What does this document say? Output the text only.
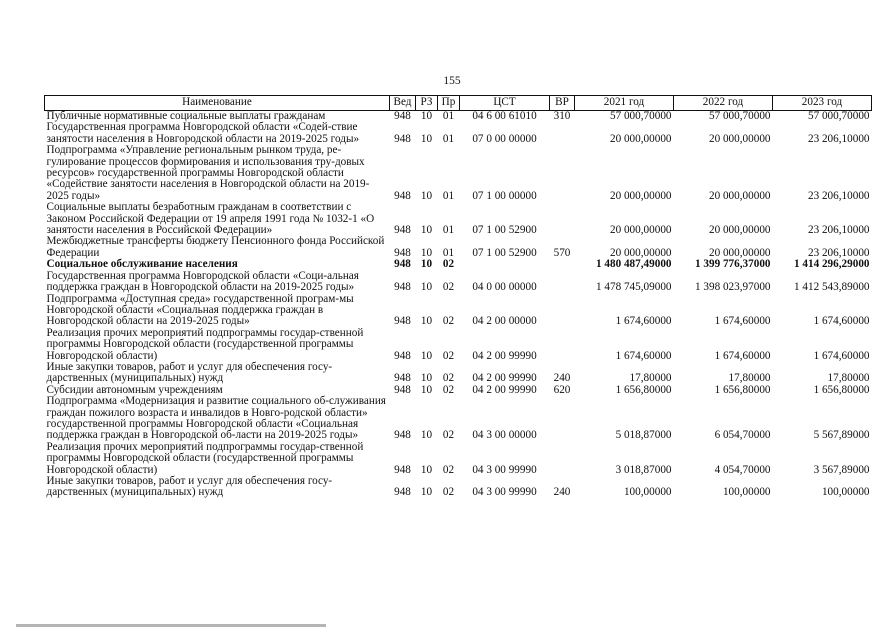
155
Наименование	Вед	РЗ	Пр	ЦСТ	ВР	2021 год	2022 год	2023 год
Публичные нормативные социальные выплаты гражданам	948	10	01	04 6 00 61010	310	57 000,70000	57 000,70000	57 000,70000
Государственная программа Новгородской области «Содей-ствие занятости населения в Новгородской области на 2019-2025 годы»	948	10	01	07 0 00 00000		20 000,00000	20 000,00000	23 206,10000
Подпрограмма «Управление региональным рынком труда, ре-гулирование процессов формирования и использования тру-довых ресурсов» государственной программы Новгородской области «Содействие занятости населения в Новгородской области на 2019-2025 годы»	948	10	01	07 1 00 00000		20 000,00000	20 000,00000	23 206,10000
Социальные выплаты безработным гражданам в соответствии с Законом Российской Федерации от 19 апреля 1991 года № 1032-1 «О занятости населения в Российской Федерации»	948	10	01	07 1 00 52900		20 000,00000	20 000,00000	23 206,10000
Межбюджетные трансферты бюджету Пенсионного фонда Российской Федерации	948	10	01	07 1 00 52900	570	20 000,00000	20 000,00000	23 206,10000
Социальное обслуживание населения	948	10	02			1 480 487,49000	1 399 776,37000	1 414 296,29000
Государственная программа Новгородской области «Соци-альная поддержка граждан в Новгородской области на 2019-2025 годы»	948	10	02	04 0 00 00000		1 478 745,09000	1 398 023,97000	1 412 543,89000
Подпрограмма «Доступная среда» государственной програм-мы Новгородской области «Социальная поддержка граждан в Новгородской области на 2019-2025 годы»	948	10	02	04 2 00 00000		1 674,60000	1 674,60000	1 674,60000
Реализация прочих мероприятий подпрограммы государ-ственной программы Новгородской области (государственной программы Новгородской области)	948	10	02	04 2 00 99990		1 674,60000	1 674,60000	1 674,60000
Иные закупки товаров, работ и услуг для обеспечения госу-дарственных (муниципальных) нужд	948	10	02	04 2 00 99990	240	17,80000	17,80000	17,80000
Субсидии автономным учреждениям	948	10	02	04 2 00 99990	620	1 656,80000	1 656,80000	1 656,80000
Подпрограмма «Модернизация и развитие социального об-служивания граждан пожилого возраста и инвалидов в Новго-родской области» государственной программы Новгородской области «Социальная поддержка граждан в Новгородской об-ласти на 2019-2025 годы»	948	10	02	04 3 00 00000		5 018,87000	6 054,70000	5 567,89000
Реализация прочих мероприятий подпрограммы государ-ственной программы Новгородской области (государственной программы Новгородской области)	948	10	02	04 3 00 99990		3 018,87000	4 054,70000	3 567,89000
Иные закупки товаров, работ и услуг для обеспечения госу-дарственных (муниципальных) нужд	948	10	02	04 3 00 99990	240	100,00000	100,00000	100,00000
